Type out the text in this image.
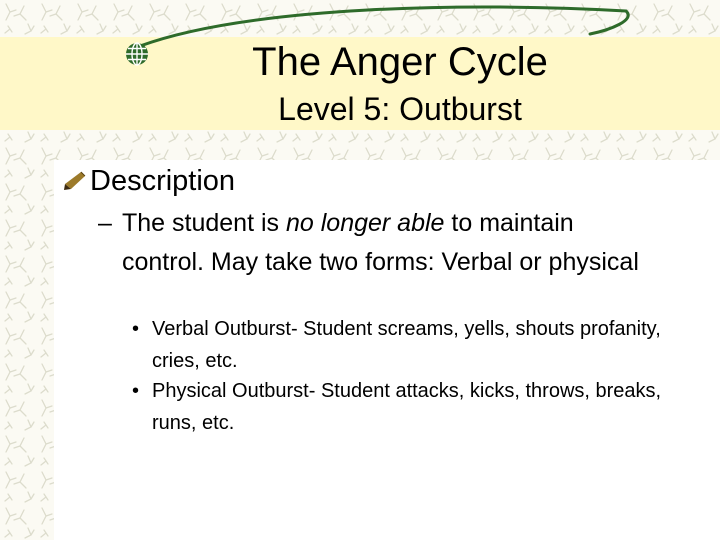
The Anger Cycle
Level 5: Outburst
Description
– The student is no longer able to maintain control. May take two forms: Verbal or physical
• Verbal Outburst- Student screams, yells, shouts profanity, cries, etc.
• Physical Outburst- Student attacks, kicks, throws, breaks, runs, etc.
